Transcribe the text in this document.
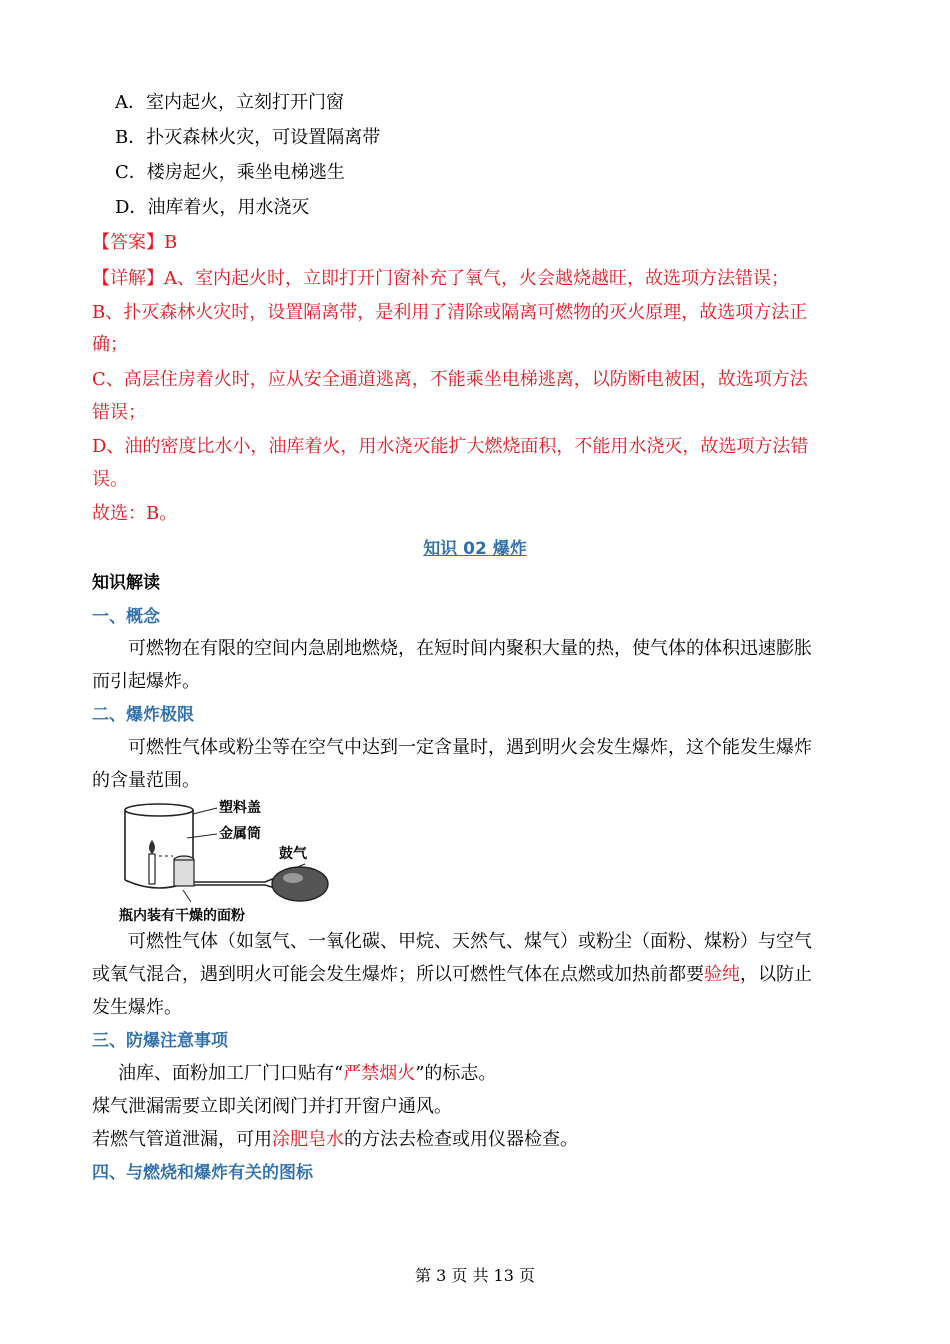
A．室内起火，立刻打开门窗
B．扑灭森林火灾，可设置隔离带
C．楼房起火，乘坐电梯逃生
D．油库着火，用水浇灭
【答案】B
【详解】A、室内起火时，立即打开门窗补充了氧气，火会越烧越旺，故选项方法错误；
B、扑灭森林火灾时，设置隔离带，是利用了清除或隔离可燃物的灭火原理，故选项方法正
确；
C、高层住房着火时，应从安全通道逃离，不能乘坐电梯逃离，以防断电被困，故选项方法
错误；
D、油的密度比水小，油库着火，用水浇灭能扩大燃烧面积，不能用水浇灭，故选项方法错
误。
故选：B。
知识 02 爆炸
知识解读
一、概念
可燃物在有限的空间内急剧地燃烧，在短时间内聚积大量的热，使气体的体积迅速膨胀
而引起爆炸。
二、爆炸极限
可燃性气体或粉尘等在空气中达到一定含量时，遇到明火会发生爆炸，这个能发生爆炸
的含量范围。
塑料盖
金属筒
鼓气
瓶内装有干燥的面粉
可燃性气体（如氢气、一氧化碳、甲烷、天然气、煤气）或粉尘（面粉、煤粉）与空气
或氧气混合，遇到明火可能会发生爆炸；所以可燃性气体在点燃或加热前都要验纯，以防止
发生爆炸。
三、防爆注意事项
油库、面粉加工厂门口贴有“严禁烟火”的标志。
煤气泄漏需要立即关闭阀门并打开窗户通风。
若燃气管道泄漏，可用涂肥皂水的方法去检查或用仪器检查。
四、与燃烧和爆炸有关的图标
第 3 页 共 13 页
